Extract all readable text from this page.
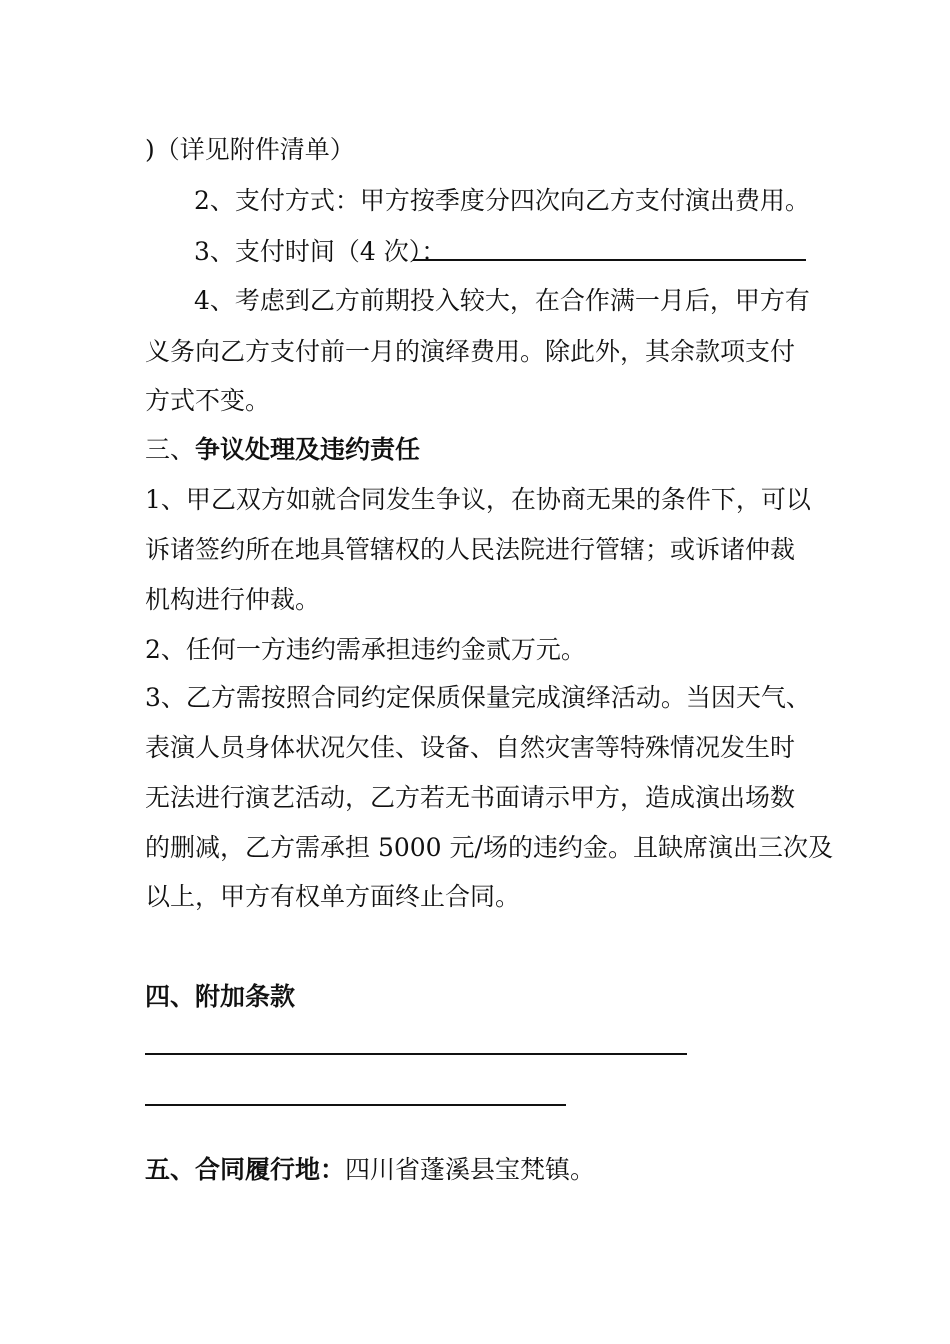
)（详见附件清单）
2、支付方式：甲方按季度分四次向乙方支付演出费用。
3、支付时间（4 次）：
4、考虑到乙方前期投入较大，在合作满一月后，甲方有
义务向乙方支付前一月的演绎费用。除此外，其余款项支付
方式不变。
三、争议处理及违约责任
1、甲乙双方如就合同发生争议，在协商无果的条件下，可以
诉诸签约所在地具管辖权的人民法院进行管辖；或诉诸仲裁
机构进行仲裁。
2、任何一方违约需承担违约金贰万元。
3、乙方需按照合同约定保质保量完成演绎活动。当因天气、
表演人员身体状况欠佳、设备、自然灾害等特殊情况发生时
无法进行演艺活动，乙方若无书面请示甲方，造成演出场数
的删减，乙方需承担 5000 元/场的违约金。且缺席演出三次及
以上，甲方有权单方面终止合同。
四、附加条款
五、合同履行地：四川省蓬溪县宝梵镇。
